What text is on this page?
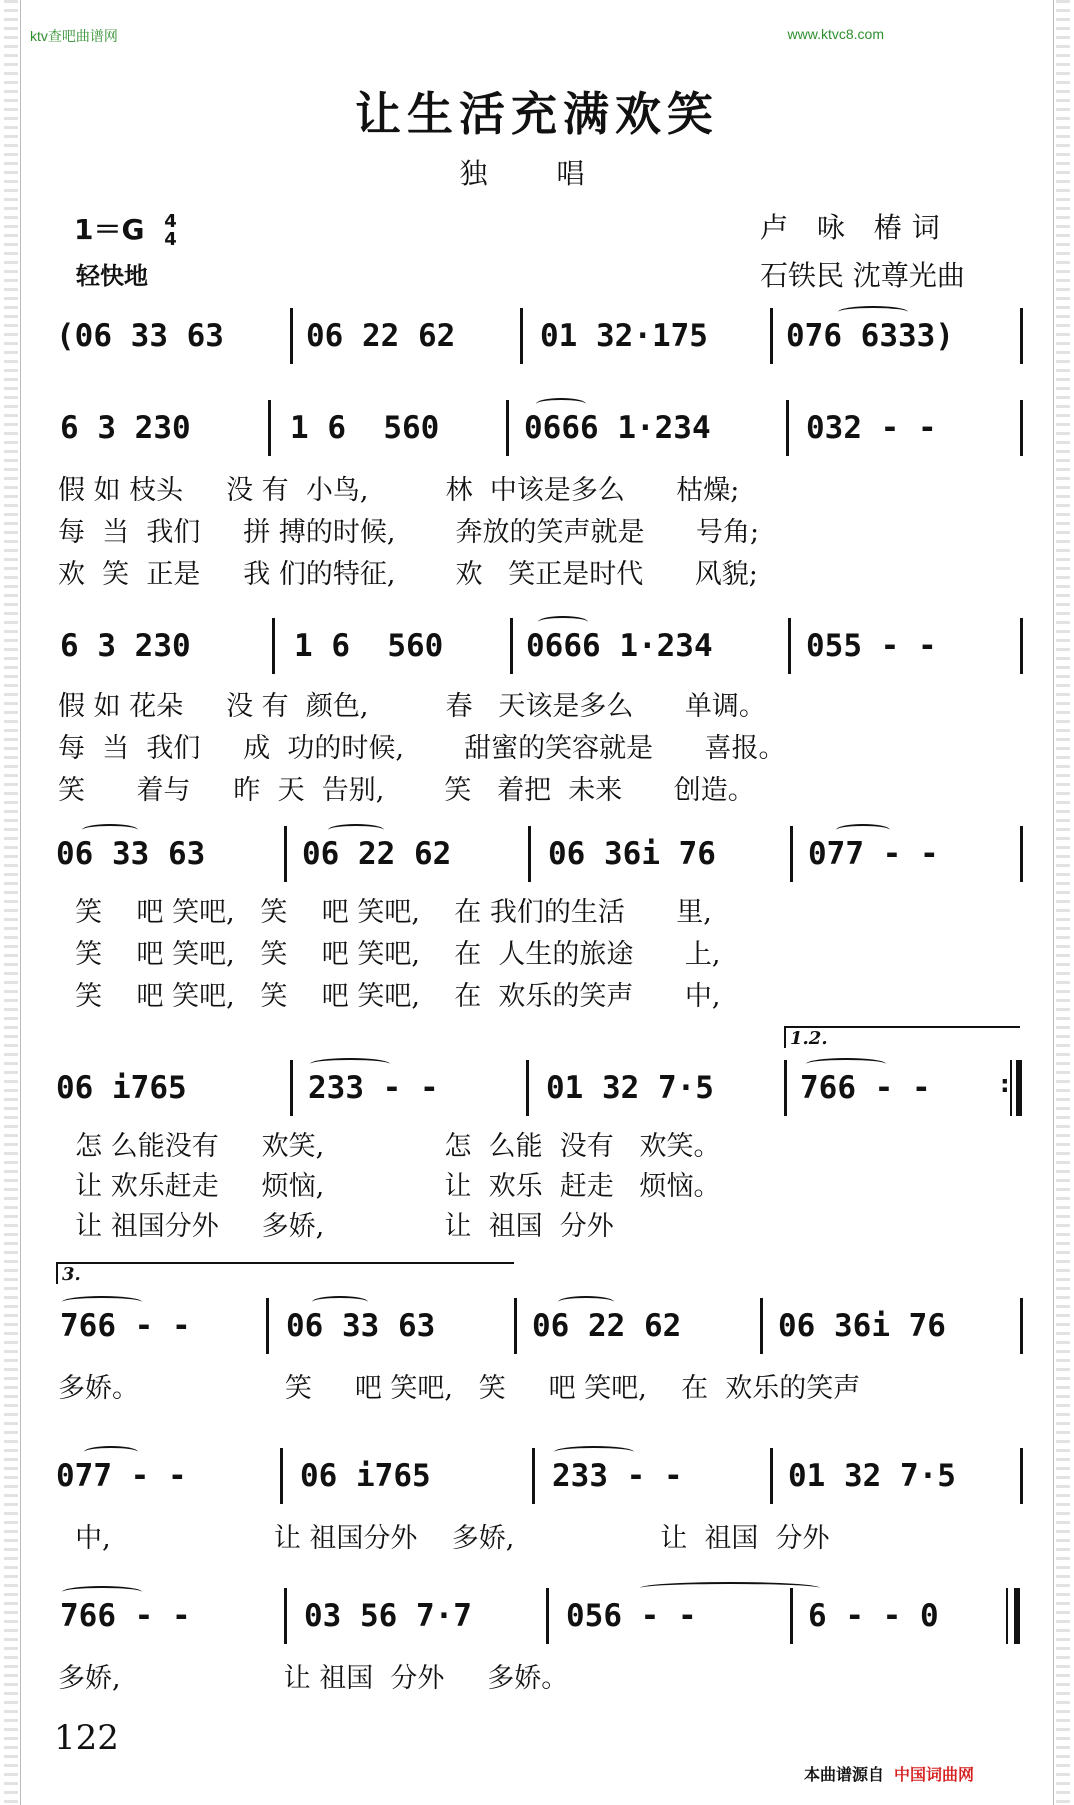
ktv查吧曲谱网	www.ktvc8.com
让生活充满欢笑
独 唱
1＝G 4
4
轻快地
卢 咏 椿词
石铁民 沈尊光曲
(06 33 63	06 22 62	01 32·175	076 6333)
6 3 230	1 6  560	0666 1·234	032 - -
假 如 枝头     没 有  小鸟,         林  中该是多么      枯燥;
每  当  我们     拼 搏的时候,       奔放的笑声就是      号角;
欢  笑  正是     我 们的特征,       欢   笑正是时代      风貌;
6 3 230	1 6  560	0666 1·234	055 - -
假 如 花朵     没 有  颜色,         春   天该是多么      单调。
每  当  我们     成  功的时候,       甜蜜的笑容就是      喜报。
笑      着与     昨  天  告别,       笑   着把  未来      创造。
06 33 63	06 22 62	06 36i 76	077 - -
笑    吧 笑吧,   笑    吧 笑吧,    在 我们的生活      里,
笑    吧 笑吧,   笑    吧 笑吧,    在  人生的旅途      上,
笑    吧 笑吧,   笑    吧 笑吧,    在  欢乐的笑声      中,
1.2.
06 i765	233 - -	01 32 7·5	766 - -	:
怎 么能没有     欢笑,              怎  么能  没有   欢笑。
让 欢乐赶走     烦恼,              让  欢乐  赶走   烦恼。
让 祖国分外     多娇,              让  祖国  分外
3.
766 - -	06 33 63	06 22 62	06 36i 76
多娇。                 笑     吧 笑吧,   笑     吧 笑吧,    在  欢乐的笑声
077 - -	06 i765	233 - -	01 32 7·5
中,                   让 祖国分外    多娇,                 让  祖国  分外
766 - -	03 56 7·7	056 - -	6 - - 0
多娇,                   让 祖国  分外     多娇。
122
本曲谱源自 中国词曲网
